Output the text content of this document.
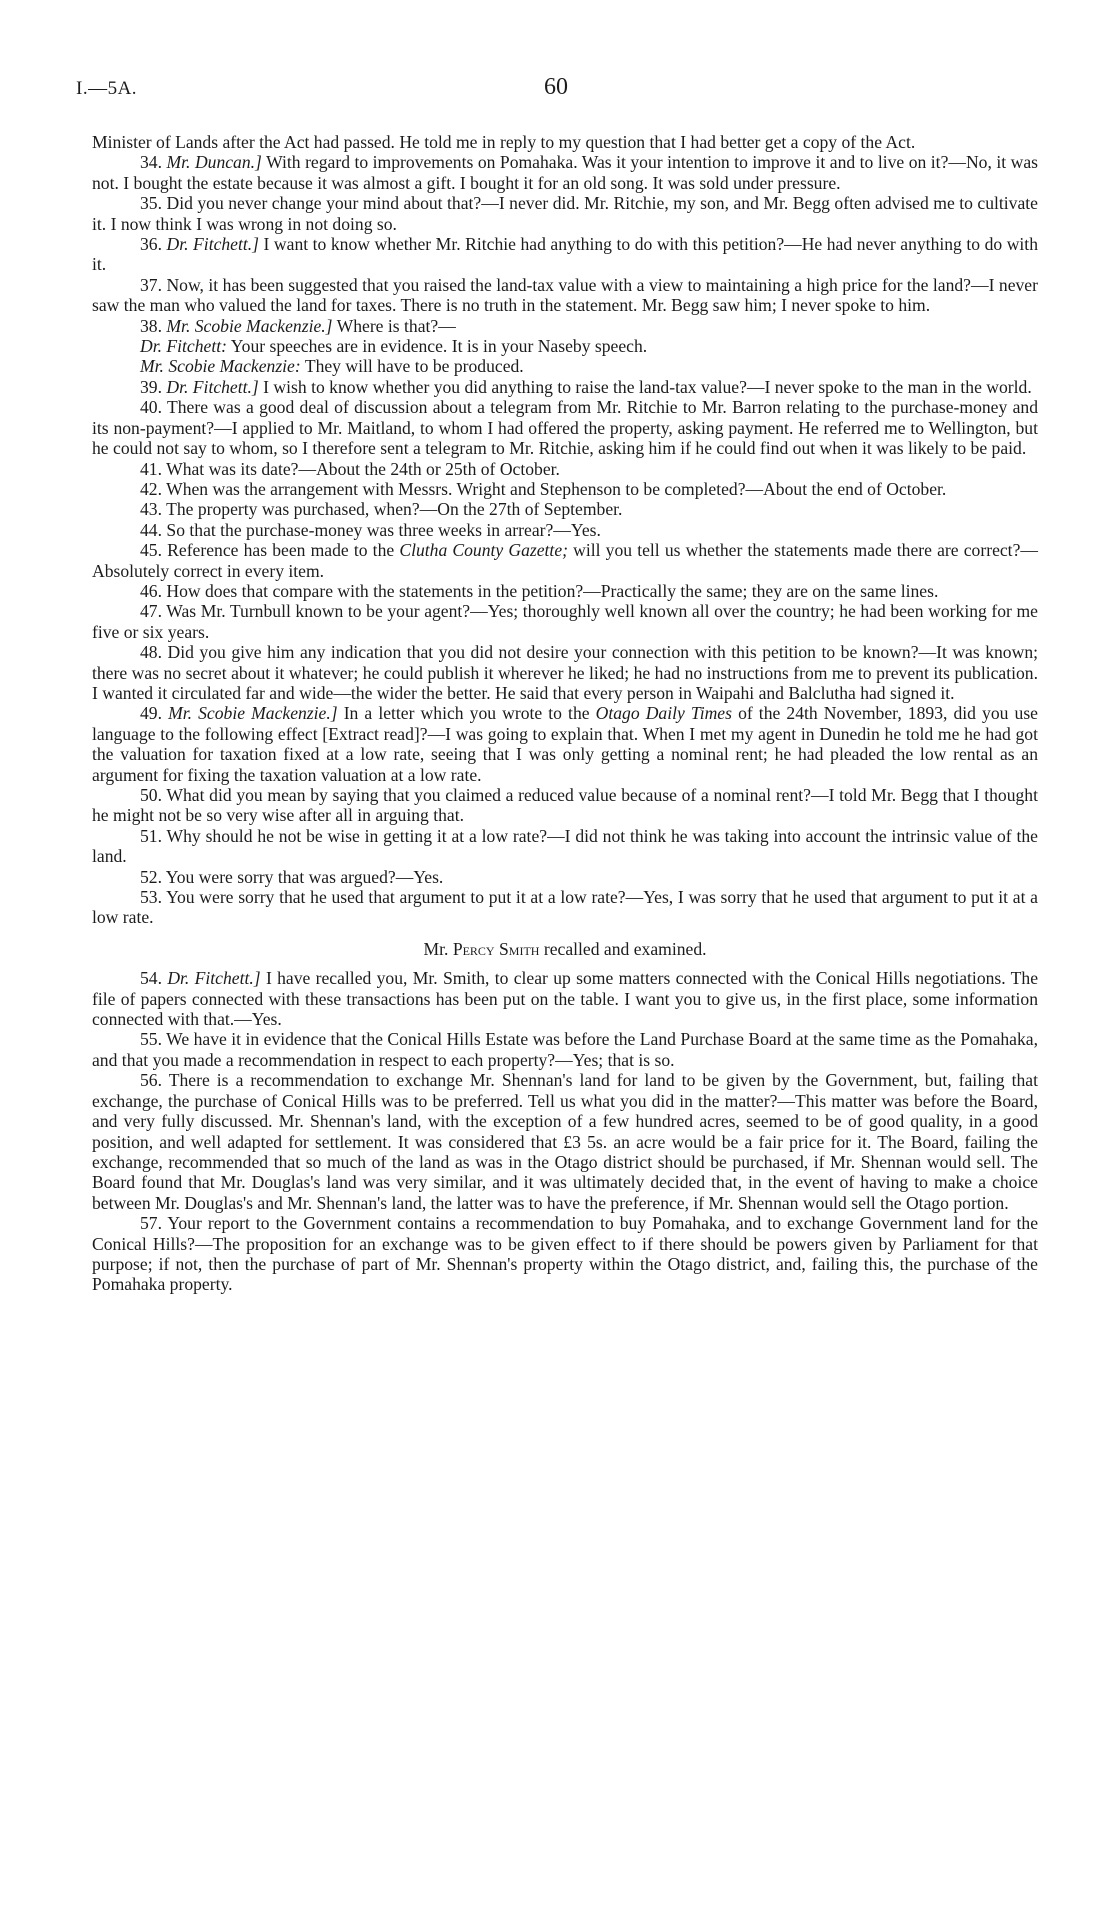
I.—5A.	60

Minister of Lands after the Act had passed. He told me in reply to my question that I had better get a copy of the Act.

34. Mr. Duncan.] With regard to improvements on Pomahaka. Was it your intention to improve it and to live on it?—No, it was not. I bought the estate because it was almost a gift. I bought it for an old song. It was sold under pressure.

35. Did you never change your mind about that?—I never did. Mr. Ritchie, my son, and Mr. Begg often advised me to cultivate it. I now think I was wrong in not doing so.

36. Dr. Fitchett.] I want to know whether Mr. Ritchie had anything to do with this petition?—He had never anything to do with it.

37. Now, it has been suggested that you raised the land-tax value with a view to maintaining a high price for the land?—I never saw the man who valued the land for taxes. There is no truth in the statement. Mr. Begg saw him; I never spoke to him.

38. Mr. Scobie Mackenzie.] Where is that?—

Dr. Fitchett: Your speeches are in evidence. It is in your Naseby speech.

Mr. Scobie Mackenzie: They will have to be produced.

39. Dr. Fitchett.] I wish to know whether you did anything to raise the land-tax value?—I never spoke to the man in the world.

40. There was a good deal of discussion about a telegram from Mr. Ritchie to Mr. Barron relating to the purchase-money and its non-payment?—I applied to Mr. Maitland, to whom I had offered the property, asking payment. He referred me to Wellington, but he could not say to whom, so I therefore sent a telegram to Mr. Ritchie, asking him if he could find out when it was likely to be paid.

41. What was its date?—About the 24th or 25th of October.

42. When was the arrangement with Messrs. Wright and Stephenson to be completed?—About the end of October.

43. The property was purchased, when?—On the 27th of September.

44. So that the purchase-money was three weeks in arrear?—Yes.

45. Reference has been made to the Clutha County Gazette; will you tell us whether the statements made there are correct?—Absolutely correct in every item.

46. How does that compare with the statements in the petition?—Practically the same; they are on the same lines.

47. Was Mr. Turnbull known to be your agent?—Yes; thoroughly well known all over the country; he had been working for me five or six years.

48. Did you give him any indication that you did not desire your connection with this petition to be known?—It was known; there was no secret about it whatever; he could publish it wherever he liked; he had no instructions from me to prevent its publication. I wanted it circulated far and wide—the wider the better. He said that every person in Waipahi and Balclutha had signed it.

49. Mr. Scobie Mackenzie.] In a letter which you wrote to the Otago Daily Times of the 24th November, 1893, did you use language to the following effect [Extract read]?—I was going to explain that. When I met my agent in Dunedin he told me he had got the valuation for taxation fixed at a low rate, seeing that I was only getting a nominal rent; he had pleaded the low rental as an argument for fixing the taxation valuation at a low rate.

50. What did you mean by saying that you claimed a reduced value because of a nominal rent?—I told Mr. Begg that I thought he might not be so very wise after all in arguing that.

51. Why should he not be wise in getting it at a low rate?—I did not think he was taking into account the intrinsic value of the land.

52. You were sorry that was argued?—Yes.

53. You were sorry that he used that argument to put it at a low rate?—Yes, I was sorry that he used that argument to put it at a low rate.

Mr. Percy Smith recalled and examined.

54. Dr. Fitchett.] I have recalled you, Mr. Smith, to clear up some matters connected with the Conical Hills negotiations. The file of papers connected with these transactions has been put on the table. I want you to give us, in the first place, some information connected with that.—Yes.

55. We have it in evidence that the Conical Hills Estate was before the Land Purchase Board at the same time as the Pomahaka, and that you made a recommendation in respect to each property?—Yes; that is so.

56. There is a recommendation to exchange Mr. Shennan's land for land to be given by the Government, but, failing that exchange, the purchase of Conical Hills was to be preferred. Tell us what you did in the matter?—This matter was before the Board, and very fully discussed. Mr. Shennan's land, with the exception of a few hundred acres, seemed to be of good quality, in a good position, and well adapted for settlement. It was considered that £3 5s. an acre would be a fair price for it. The Board, failing the exchange, recommended that so much of the land as was in the Otago district should be purchased, if Mr. Shennan would sell. The Board found that Mr. Douglas's land was very similar, and it was ultimately decided that, in the event of having to make a choice between Mr. Douglas's and Mr. Shennan's land, the latter was to have the preference, if Mr. Shennan would sell the Otago portion.

57. Your report to the Government contains a recommendation to buy Pomahaka, and to exchange Government land for the Conical Hills?—The proposition for an exchange was to be given effect to if there should be powers given by Parliament for that purpose; if not, then the purchase of part of Mr. Shennan's property within the Otago district, and, failing this, the purchase of the Pomahaka property.
